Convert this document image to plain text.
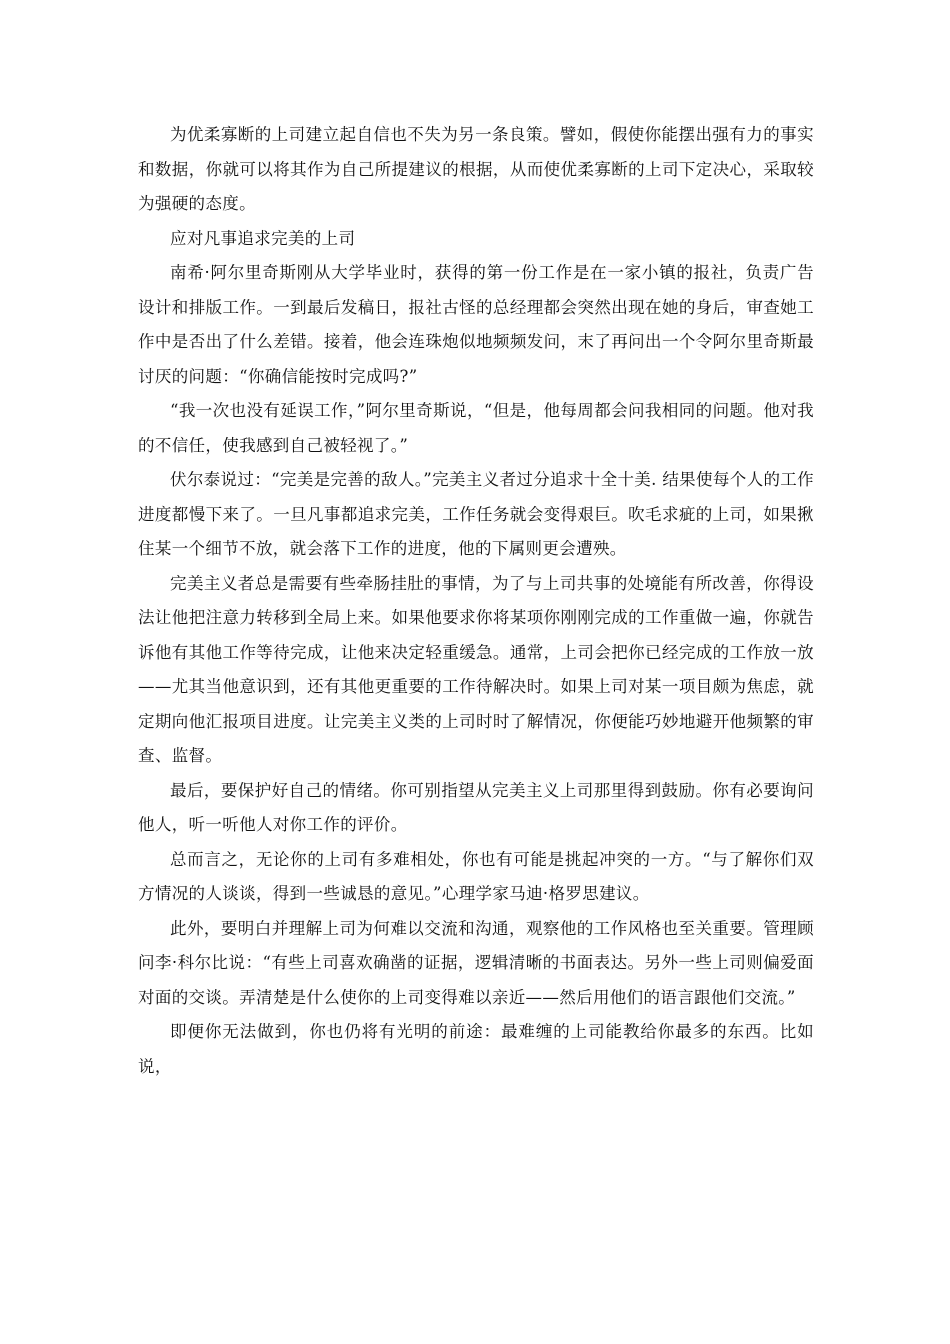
为优柔寡断的上司建立起自信也不失为另一条良策。譬如，假使你能摆出强有力的事实和数据，你就可以将其作为自己所提建议的根据，从而使优柔寡断的上司下定决心，采取较为强硬的态度。

应对凡事追求完美的上司

南希·阿尔里奇斯刚从大学毕业时，获得的第一份工作是在一家小镇的报社，负责广告设计和排版工作。一到最后发稿日，报社古怪的总经理都会突然出现在她的身后，审查她工作中是否出了什么差错。接着，他会连珠炮似地频频发问，末了再问出一个令阿尔里奇斯最讨厌的问题：“你确信能按时完成吗?”

“我一次也没有延误工作，”阿尔里奇斯说，“但是，他每周都会问我相同的问题。他对我的不信任，使我感到自己被轻视了。”

伏尔泰说过：“完美是完善的敌人。”完美主义者过分追求十全十美. 结果使每个人的工作进度都慢下来了。一旦凡事都追求完美，工作任务就会变得艰巨。吹毛求疵的上司，如果揪住某一个细节不放，就会落下工作的进度，他的下属则更会遭殃。

完美主义者总是需要有些牵肠挂肚的事情，为了与上司共事的处境能有所改善，你得设法让他把注意力转移到全局上来。如果他要求你将某项你刚刚完成的工作重做一遍，你就告诉他有其他工作等待完成，让他来决定轻重缓急。通常，上司会把你已经完成的工作放一放——尤其当他意识到，还有其他更重要的工作待解决时。如果上司对某一项目颇为焦虑，就定期向他汇报项目进度。让完美主义类的上司时时了解情况，你便能巧妙地避开他频繁的审查、监督。

最后，要保护好自己的情绪。你可别指望从完美主义上司那里得到鼓励。你有必要询问他人，听一听他人对你工作的评价。

总而言之，无论你的上司有多难相处，你也有可能是挑起冲突的一方。“与了解你们双方情况的人谈谈，得到一些诚恳的意见。”心理学家马迪·格罗思建议。

此外，要明白并理解上司为何难以交流和沟通，观察他的工作风格也至关重要。管理顾问李·科尔比说：“有些上司喜欢确凿的证据，逻辑清晰的书面表达。另外一些上司则偏爱面对面的交谈。弄清楚是什么使你的上司变得难以亲近——然后用他们的语言跟他们交流。”

即便你无法做到，你也仍将有光明的前途：最难缠的上司能教给你最多的东西。比如说，
